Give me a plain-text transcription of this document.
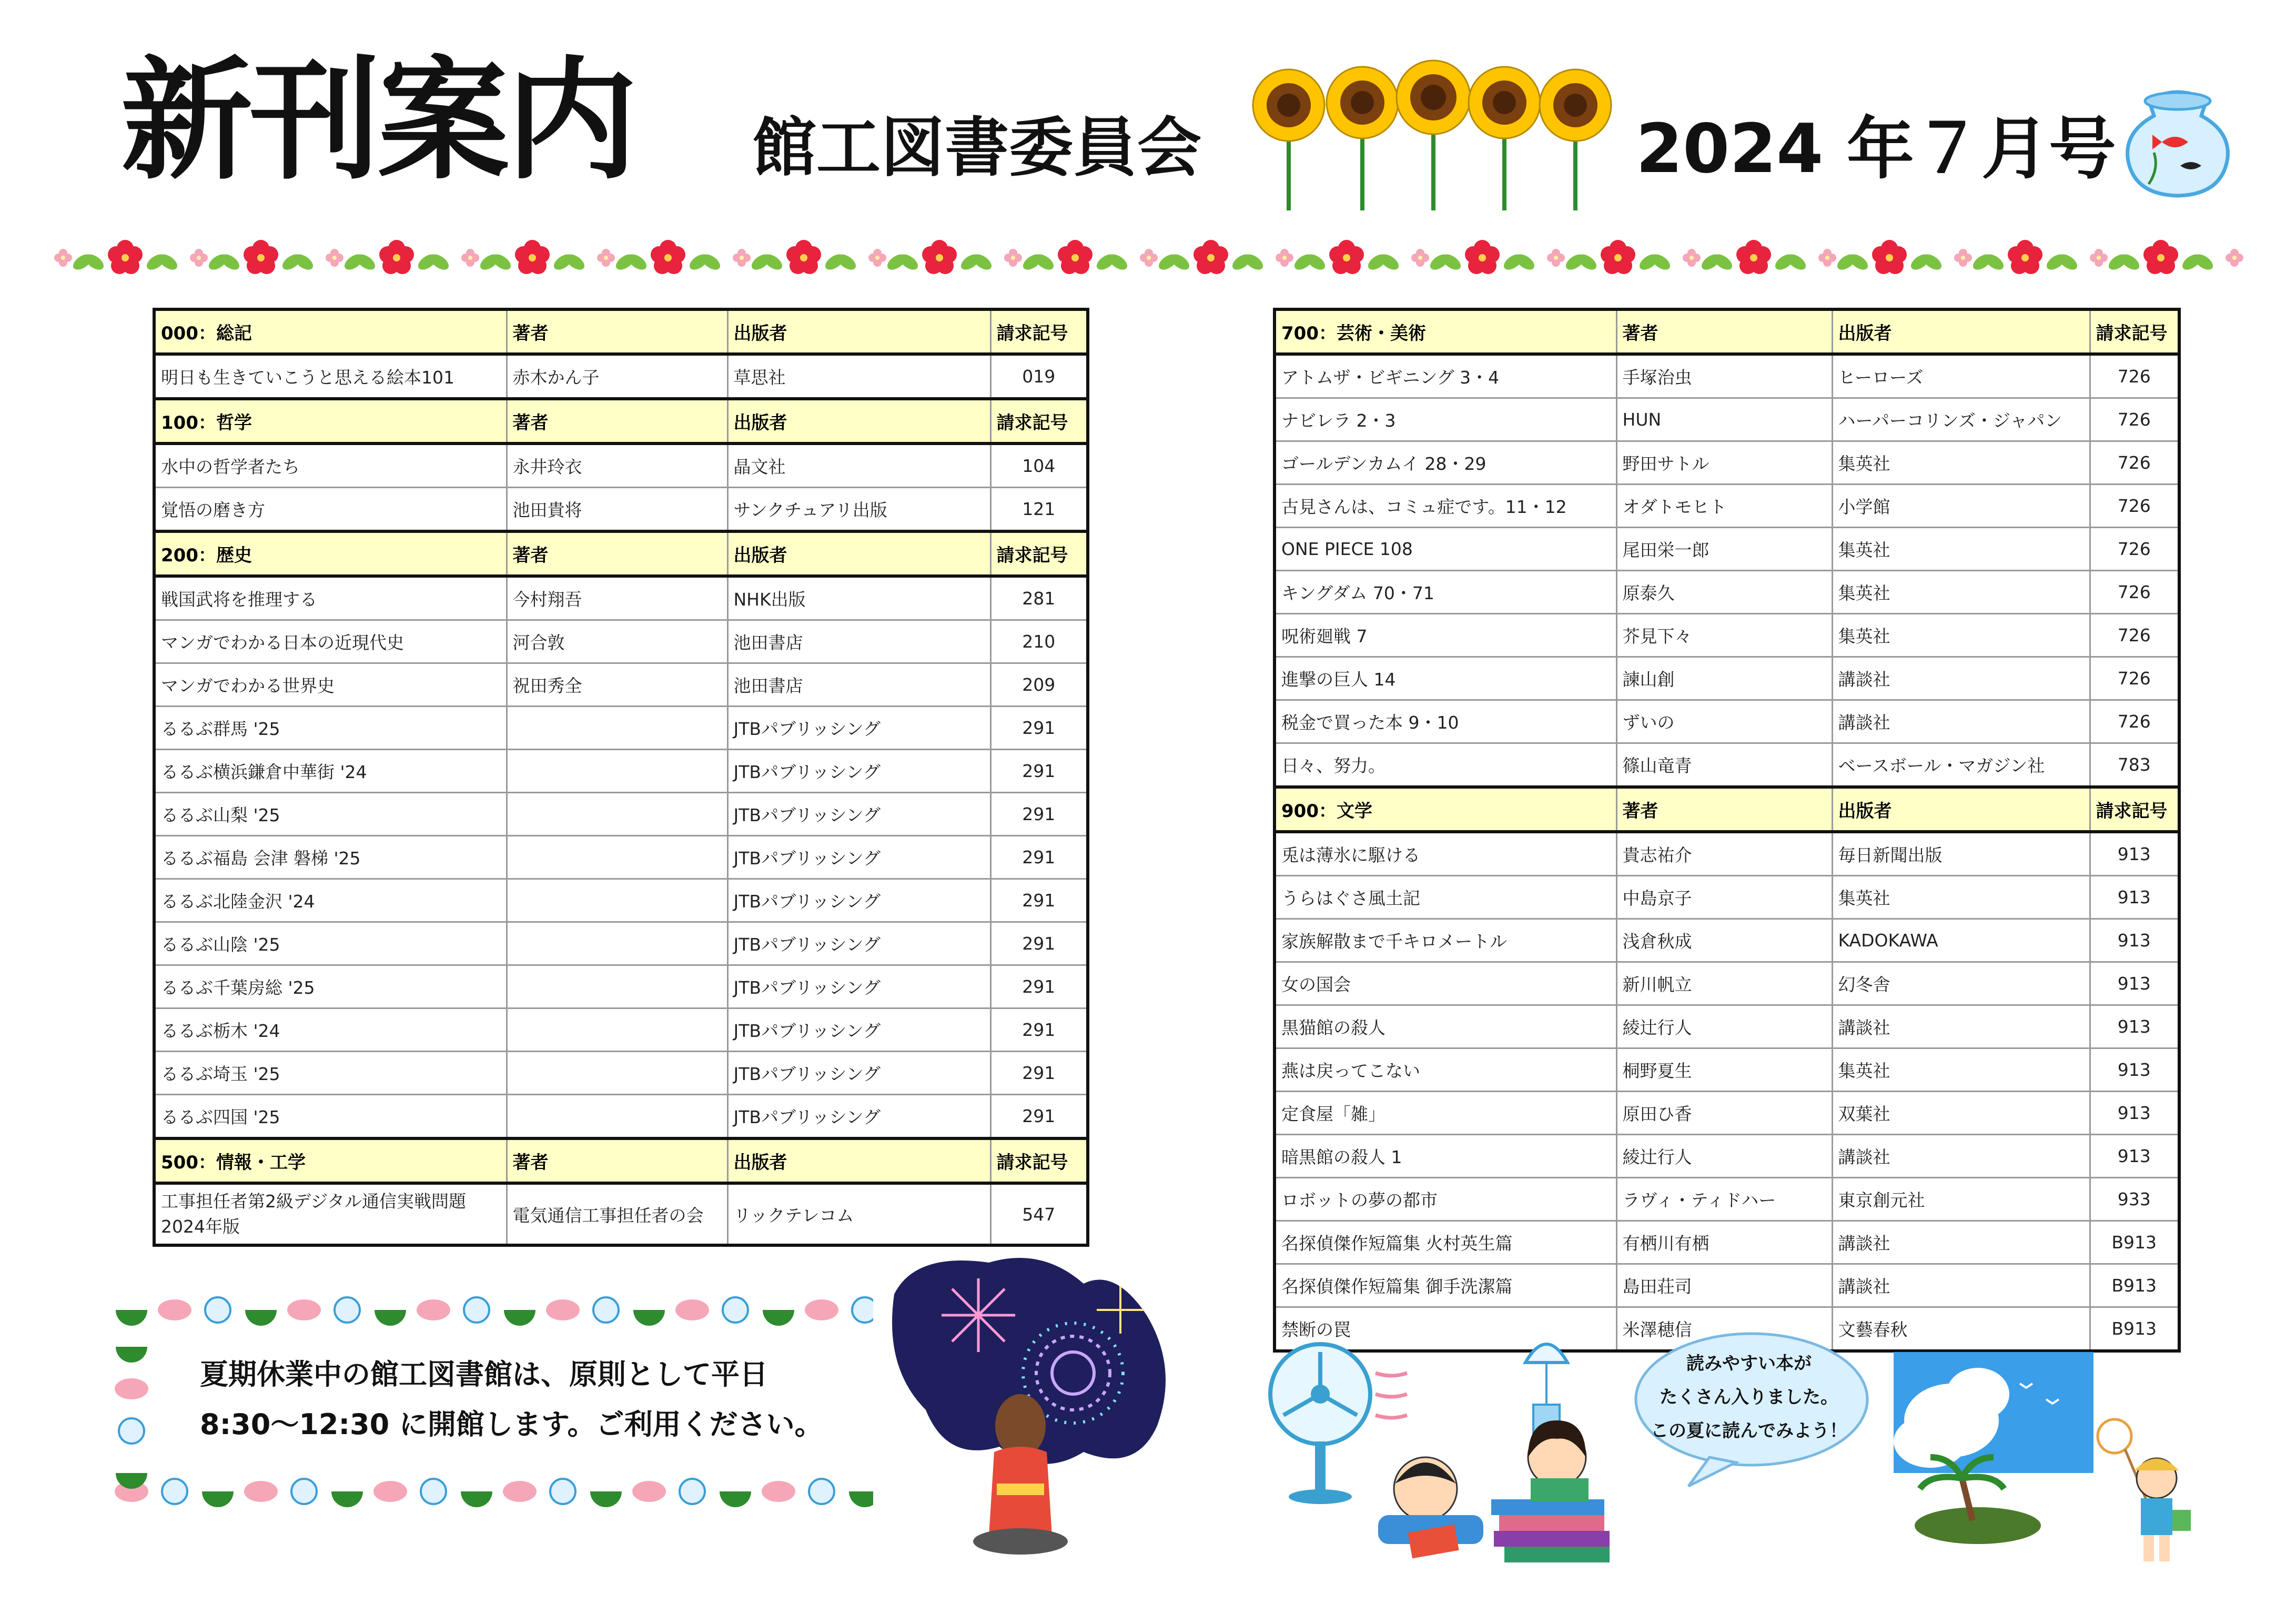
新刊案内 館工図書委員会	2024 年７月号
000：総記	著者	出版者	請求記号
明日も生きていこうと思える絵本101	赤木かん子	草思社	019
100：哲学	著者	出版者	請求記号
水中の哲学者たち	永井玲衣	晶文社	104
覚悟の磨き方	池田貴将	サンクチュアリ出版	121
200：歴史	著者	出版者	請求記号
戦国武将を推理する	今村翔吾	NHK出版	281
マンガでわかる日本の近現代史	河合敦	池田書店	210
マンガでわかる世界史	祝田秀全	池田書店	209
るるぶ群馬 '25		JTBパブリッシング	291
るるぶ横浜鎌倉中華街 '24		JTBパブリッシング	291
るるぶ山梨 '25		JTBパブリッシング	291
るるぶ福島 会津 磐梯 '25		JTBパブリッシング	291
るるぶ北陸金沢 '24		JTBパブリッシング	291
るるぶ山陰 '25		JTBパブリッシング	291
るるぶ千葉房総 '25		JTBパブリッシング	291
るるぶ栃木 '24		JTBパブリッシング	291
るるぶ埼玉 '25		JTBパブリッシング	291
るるぶ四国 '25		JTBパブリッシング	291
500：情報・工学	著者	出版者	請求記号
工事担任者第2級デジタル通信実戦問題 2024年版	電気通信工事担任者の会	リックテレコム	547
700：芸術・美術	著者	出版者	請求記号
アトムザ・ビギニング 3・4	手塚治虫	ヒーローズ	726
ナビレラ 2・3	HUN	ハーパーコリンズ・ジャパン	726
ゴールデンカムイ 28・29	野田サトル	集英社	726
古見さんは、コミュ症です。11・12	オダトモヒト	小学館	726
ONE PIECE 108	尾田栄一郎	集英社	726
キングダム 70・71	原泰久	集英社	726
呪術廻戦 7	芥見下々	集英社	726
進撃の巨人 14	諫山創	講談社	726
税金で買った本 9・10	ずいの	講談社	726
日々、努力。	篠山竜青	ベースボール・マガジン社	783
900：文学	著者	出版者	請求記号
兎は薄氷に駆ける	貴志祐介	毎日新聞出版	913
うらはぐさ風土記	中島京子	集英社	913
家族解散まで千キロメートル	浅倉秋成	KADOKAWA	913
女の国会	新川帆立	幻冬舎	913
黒猫館の殺人	綾辻行人	講談社	913
燕は戻ってこない	桐野夏生	集英社	913
定食屋「雑」	原田ひ香	双葉社	913
暗黒館の殺人 1	綾辻行人	講談社	913
ロボットの夢の都市	ラヴィ・ティドハー	東京創元社	933
名探偵傑作短篇集 火村英生篇	有栖川有栖	講談社	B913
名探偵傑作短篇集 御手洗潔篇	島田荘司	講談社	B913
禁断の罠	米澤穂信	文藝春秋	B913
夏期休業中の館工図書館は、原則として平日
8:30～12:30 に開館します。ご利用ください。
読みやすい本が
たくさん入りました。
この夏に読んでみよう！
